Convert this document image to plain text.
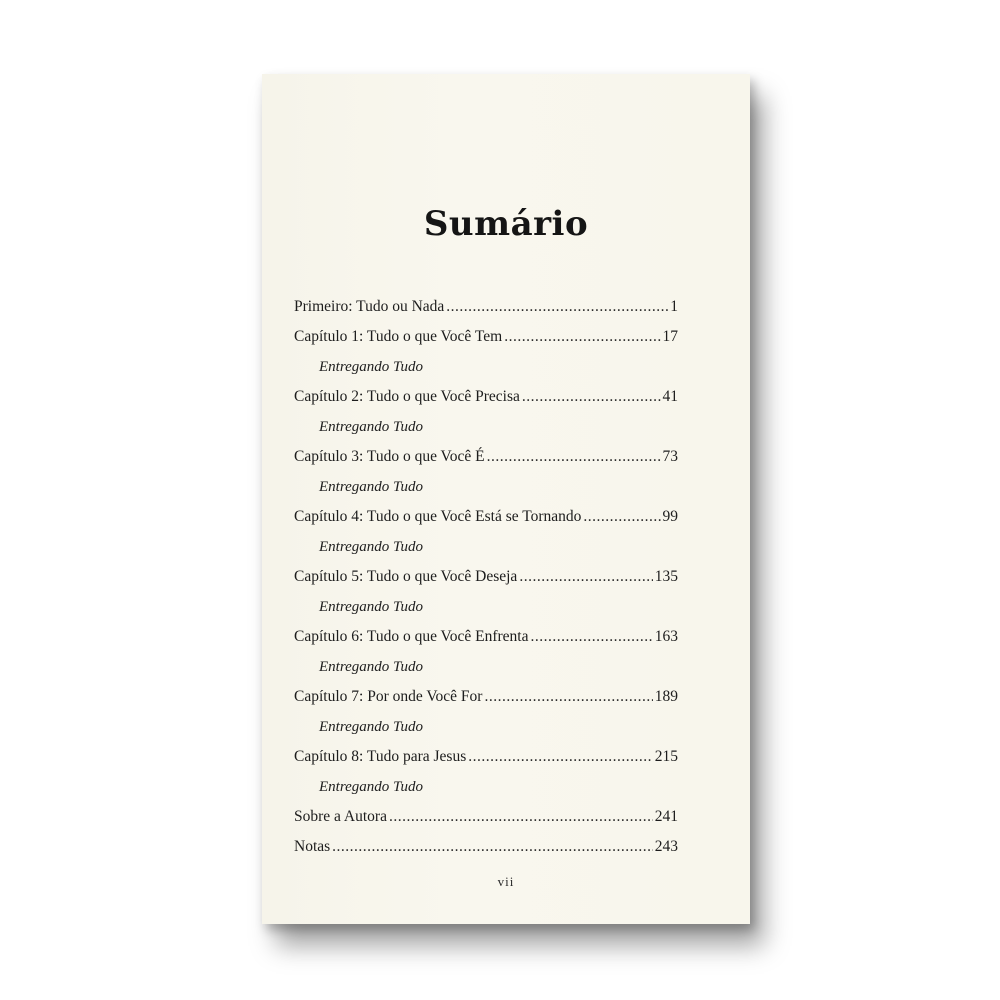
Sumário
Primeiro: Tudo ou Nada .....	1
Capítulo 1: Tudo o que Você Tem .....	17
Entregando Tudo
Capítulo 2: Tudo o que Você Precisa .....	41
Entregando Tudo
Capítulo 3: Tudo o que Você É .....	73
Entregando Tudo
Capítulo 4: Tudo o que Você Está se Tornando .....	99
Entregando Tudo
Capítulo 5: Tudo o que Você Deseja .....	135
Entregando Tudo
Capítulo 6: Tudo o que Você Enfrenta .....	163
Entregando Tudo
Capítulo 7: Por onde Você For .....	189
Entregando Tudo
Capítulo 8: Tudo para Jesus .....	215
Entregando Tudo
Sobre a Autora .....	241
Notas .....	243
vii
